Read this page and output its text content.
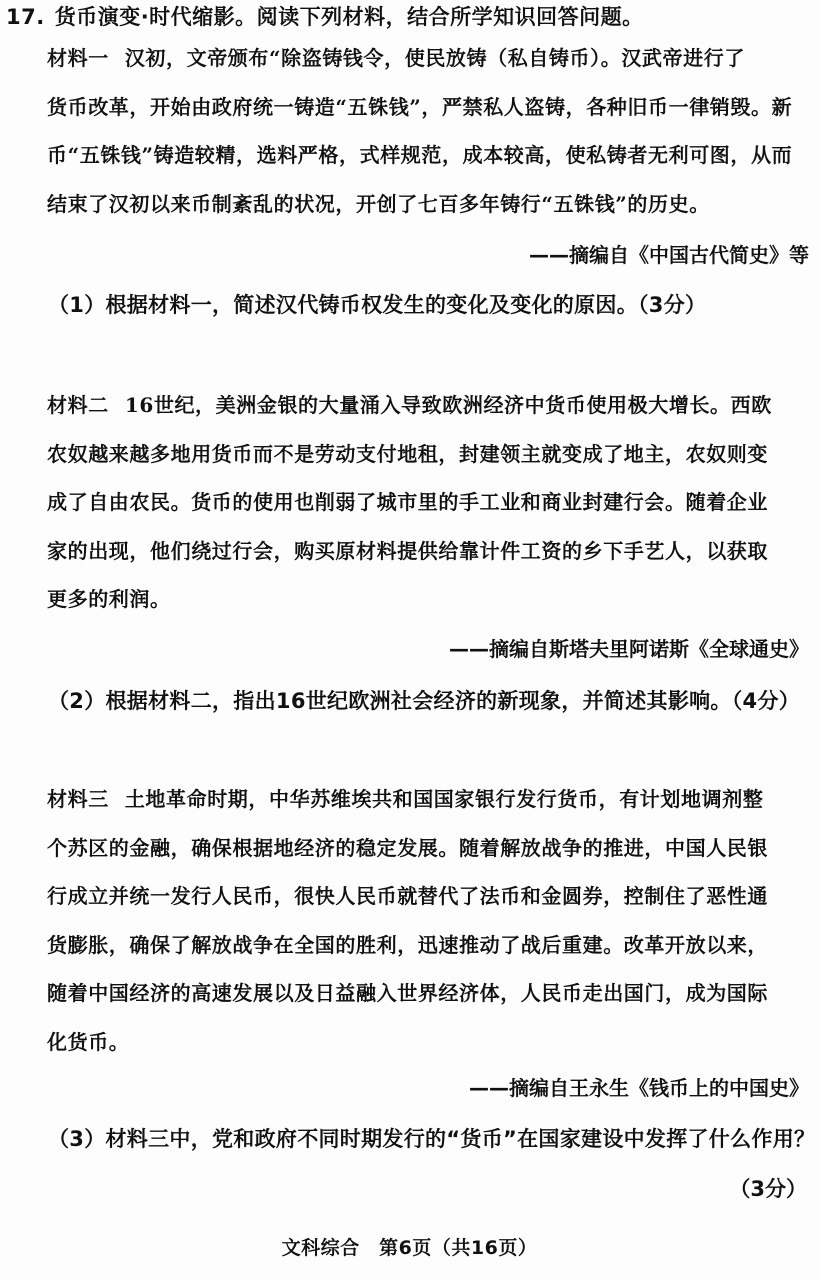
17. 货币演变·时代缩影。阅读下列材料，结合所学知识回答问题。
材料一 汉初，文帝颁布“除盗铸钱令，使民放铸（私自铸币）。汉武帝进行了
货币改革，开始由政府统一铸造“五铢钱”，严禁私人盗铸，各种旧币一律销毁。新
币“五铢钱”铸造较精，选料严格，式样规范，成本较高，使私铸者无利可图，从而
结束了汉初以来币制紊乱的状况，开创了七百多年铸行“五铢钱”的历史。
——摘编自《中国古代简史》等
（1）根据材料一，简述汉代铸币权发生的变化及变化的原因。（3分）
材料二 16世纪，美洲金银的大量涌入导致欧洲经济中货币使用极大增长。西欧
农奴越来越多地用货币而不是劳动支付地租，封建领主就变成了地主，农奴则变
成了自由农民。货币的使用也削弱了城市里的手工业和商业封建行会。随着企业
家的出现，他们绕过行会，购买原材料提供给靠计件工资的乡下手艺人，以获取
更多的利润。
——摘编自斯塔夫里阿诺斯《全球通史》
（2）根据材料二，指出16世纪欧洲社会经济的新现象，并简述其影响。（4分）
材料三 土地革命时期，中华苏维埃共和国国家银行发行货币，有计划地调剂整
个苏区的金融，确保根据地经济的稳定发展。随着解放战争的推进，中国人民银
行成立并统一发行人民币，很快人民币就替代了法币和金圆券，控制住了恶性通
货膨胀，确保了解放战争在全国的胜利，迅速推动了战后重建。改革开放以来，
随着中国经济的高速发展以及日益融入世界经济体，人民币走出国门，成为国际
化货币。
——摘编自王永生《钱币上的中国史》
（3）材料三中，党和政府不同时期发行的“货币”在国家建设中发挥了什么作用？
（3分）
文科综合　第6页（共16页）
